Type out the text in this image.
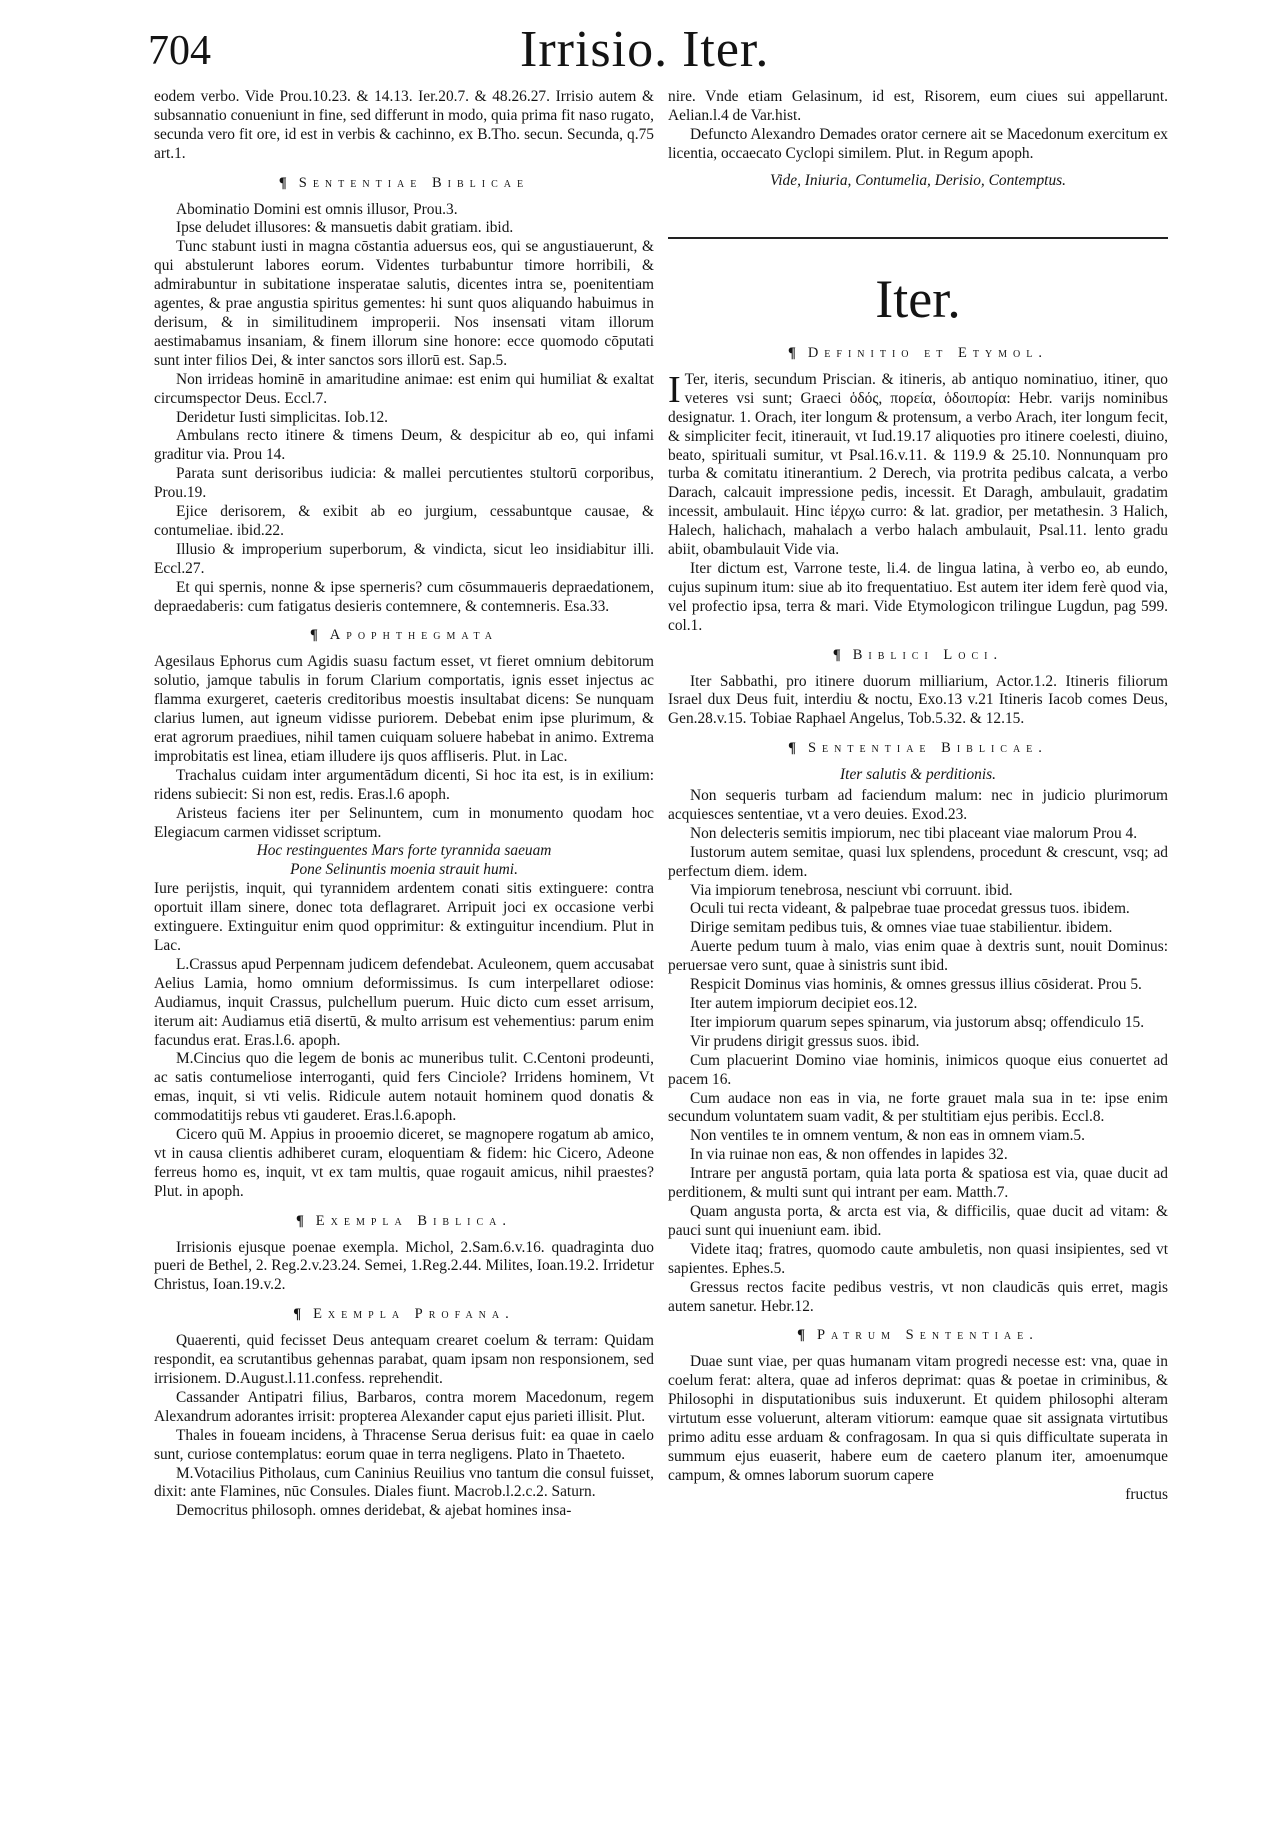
704	Irrisio. Iter.

eodem verbo. Vide Prou.10.23. & 14.13. Ier.20.7. & 48.26.27. Irrisio autem & subsannatio conueniunt in fine, sed differunt in modo, quia prima fit naso rugato, secunda vero fit ore, id est in verbis & cachinno, ex B.Tho. secun. Secunda, q.75 art.1.

¶ Sententiae Biblicae

Abominatio Domini est omnis illusor, Prou.3.

Ipse deludet illusores: & mansuetis dabit gratiam. ibid.

Tunc stabunt iusti in magna cōstantia aduersus eos, qui se angustiauerunt, & qui abstulerunt labores eorum. Videntes turbabuntur timore horribili, & admirabuntur in subitatione insperatae salutis, dicentes intra se, poenitentiam agentes, & prae angustia spiritus gementes: hi sunt quos aliquando habuimus in derisum, & in similitudinem improperii. Nos insensati vitam illorum aestimabamus insaniam, & finem illorum sine honore: ecce quomodo cōputati sunt inter filios Dei, & inter sanctos sors illorū est. Sap.5.

Non irrideas hominē in amaritudine animae: est enim qui humiliat & exaltat circumspector Deus. Eccl.7.

Deridetur Iusti simplicitas. Iob.12.

Ambulans recto itinere & timens Deum, & despicitur ab eo, qui infami graditur via. Prou 14.

Parata sunt derisoribus iudicia: & mallei percutientes stultorū corporibus, Prou.19.

Ejice derisorem, & exibit ab eo jurgium, cessabuntque causae, & contumeliae. ibid.22.

Illusio & improperium superborum, & vindicta, sicut leo insidiabitur illi. Eccl.27.

Et qui spernis, nonne & ipse sperneris? cum cōsummaueris depraedationem, depraedaberis: cum fatigatus desieris contemnere, & contemneris. Esa.33.

¶ Apophthegmata

Agesilaus Ephorus cum Agidis suasu factum esset, vt fieret omnium debitorum solutio, jamque tabulis in forum Clarium comportatis, ignis esset injectus ac flamma exurgeret, caeteris creditoribus moestis insultabat dicens: Se nunquam clarius lumen, aut igneum vidisse puriorem. Debebat enim ipse plurimum, & erat agrorum praediues, nihil tamen cuiquam soluere habebat in animo. Extrema improbitatis est linea, etiam illudere ijs quos affliseris. Plut. in Lac.

Trachalus cuidam inter argumentādum dicenti, Si hoc ita est, is in exilium: ridens subiecit: Si non est, redis. Eras.l.6 apoph.

Aristeus faciens iter per Selinuntem, cum in monumento quodam hoc Elegiacum carmen vidisset scriptum.

Hoc restinguentes Mars forte tyrannida saeuam
Pone Selinuntis moenia strauit humi.

Iure perijstis, inquit, qui tyrannidem ardentem conati sitis extinguere: contra oportuit illam sinere, donec tota deflagraret. Arripuit joci ex occasione verbi extinguere. Extinguitur enim quod opprimitur: & extinguitur incendium. Plut in Lac.

L.Crassus apud Perpennam judicem defendebat. Aculeonem, quem accusabat Aelius Lamia, homo omnium deformissimus. Is cum interpellaret odiose: Audiamus, inquit Crassus, pulchellum puerum. Huic dicto cum esset arrisum, iterum ait: Audiamus etiā disertū, & multo arrisum est vehementius: parum enim facundus erat. Eras.l.6. apoph.

M.Cincius quo die legem de bonis ac muneribus tulit. C.Centoni prodeunti, ac satis contumeliose interroganti, quid fers Cinciole? Irridens hominem, Vt emas, inquit, si vti velis. Ridicule autem notauit hominem quod donatis & commodatitijs rebus vti gauderet. Eras.l.6.apoph.

Cicero quū M. Appius in prooemio diceret, se magnopere rogatum ab amico, vt in causa clientis adhiberet curam, eloquentiam & fidem: hic Cicero, Adeone ferreus homo es, inquit, vt ex tam multis, quae rogauit amicus, nihil praestes? Plut. in apoph.

¶ Exempla Biblica.

Irrisionis ejusque poenae exempla. Michol, 2.Sam.6.v.16. quadraginta duo pueri de Bethel, 2. Reg.2.v.23.24. Semei, 1.Reg.2.44. Milites, Ioan.19.2. Irridetur Christus, Ioan.19.v.2.

¶ Exempla Profana.

Quaerenti, quid fecisset Deus antequam crearet coelum & terram: Quidam respondit, ea scrutantibus gehennas parabat, quam ipsam non responsionem, sed irrisionem. D.August.l.11.confess. reprehendit.

Cassander Antipatri filius, Barbaros, contra morem Macedonum, regem Alexandrum adorantes irrisit: propterea Alexander caput ejus parieti illisit. Plut.

Thales in foueam incidens, à Thracense Serua derisus fuit: ea quae in caelo sunt, curiose contemplatus: eorum quae in terra negligens. Plato in Thaeteto.

M.Votacilius Pitholaus, cum Caninius Reuilius vno tantum die consul fuisset, dixit: ante Flamines, nūc Consules. Diales fiunt. Macrob.l.2.c.2. Saturn.

Democritus philosoph. omnes deridebat, & ajebat homines insa-

nire. Vnde etiam Gelasinum, id est, Risorem, eum ciues sui appellarunt. Aelian.l.4 de Var.hist.

Defuncto Alexandro Demades orator cernere ait se Macedonum exercitum ex licentia, occaecato Cyclopi similem. Plut. in Regum apoph.

Vide, Iniuria, Contumelia, Derisio, Contemptus.

Iter.
¶ Definitio et Etymol.

I Ter, iteris, secundum Priscian. & itineris, ab antiquo nominatiuo, itiner, quo veteres vsi sunt; Graeci ὁδός, πορεία, ὁδοιπορία: Hebr. varijs nominibus designatur. 1. Orach, iter longum & protensum, a verbo Arach, iter longum fecit, & simpliciter fecit, itinerauit, vt Iud.19.17 aliquoties pro itinere coelesti, diuino, beato, spirituali sumitur, vt Psal.16.v.11. & 119.9 & 25.10. Nonnunquam pro turba & comitatu itinerantium. 2 Derech, via protrita pedibus calcata, a verbo Darach, calcauit impressione pedis, incessit. Et Daragh, ambulauit, gradatim incessit, ambulauit. Hinc ἰέρχω curro: & lat. gradior, per metathesin. 3 Halich, Halech, halichach, mahalach a verbo halach ambulauit, Psal.11. lento gradu abiit, obambulauit Vide via.

Iter dictum est, Varrone teste, li.4. de lingua latina, à verbo eo, ab eundo, cujus supinum itum: siue ab ito frequentatiuo. Est autem iter idem ferè quod via, vel profectio ipsa, terra & mari. Vide Etymologicon trilingue Lugdun, pag 599. col.1.

¶ Biblici Loci.

Iter Sabbathi, pro itinere duorum milliarium, Actor.1.2. Itineris filiorum Israel dux Deus fuit, interdiu & noctu, Exo.13 v.21 Itineris Iacob comes Deus, Gen.28.v.15. Tobiae Raphael Angelus, Tob.5.32. & 12.15.

¶ Sententiae Biblicae.
Iter salutis & perditionis.

Non sequeris turbam ad faciendum malum: nec in judicio plurimorum acquiesces sententiae, vt a vero deuies. Exod.23.

Non delecteris semitis impiorum, nec tibi placeant viae malorum Prou 4.

Iustorum autem semitae, quasi lux splendens, procedunt & crescunt, vsq; ad perfectum diem. idem.

Via impiorum tenebrosa, nesciunt vbi corruunt. ibid.

Oculi tui recta videant, & palpebrae tuae procedat gressus tuos. ibidem.

Dirige semitam pedibus tuis, & omnes viae tuae stabilientur. ibidem.

Auerte pedum tuum à malo, vias enim quae à dextris sunt, nouit Dominus: peruersae vero sunt, quae à sinistris sunt ibid.

Respicit Dominus vias hominis, & omnes gressus illius cōsiderat. Prou 5.

Iter autem impiorum decipiet eos.12.

Iter impiorum quarum sepes spinarum, via justorum absq; offendiculo 15.

Vir prudens dirigit gressus suos. ibid.

Cum placuerint Domino viae hominis, inimicos quoque eius conuertet ad pacem 16.

Cum audace non eas in via, ne forte grauet mala sua in te: ipse enim secundum voluntatem suam vadit, & per stultitiam ejus peribis. Eccl.8.

Non ventiles te in omnem ventum, & non eas in omnem viam.5.

In via ruinae non eas, & non offendes in lapides 32.

Intrare per angustā portam, quia lata porta & spatiosa est via, quae ducit ad perditionem, & multi sunt qui intrant per eam. Matth.7.

Quam angusta porta, & arcta est via, & difficilis, quae ducit ad vitam: & pauci sunt qui inueniunt eam. ibid.

Videte itaq; fratres, quomodo caute ambuletis, non quasi insipientes, sed vt sapientes. Ephes.5.

Gressus rectos facite pedibus vestris, vt non claudicās quis erret, magis autem sanetur. Hebr.12.

¶ Patrum Sententiae.

Duae sunt viae, per quas humanam vitam progredi necesse est: vna, quae in coelum ferat: altera, quae ad inferos deprimat: quas & poetae in criminibus, & Philosophi in disputationibus suis induxerunt. Et quidem philosophi alteram virtutum esse voluerunt, alteram vitiorum: eamque quae sit assignata virtutibus primo aditu esse arduam & confragosam. In qua si quis difficultate superata in summum ejus euaserit, habere eum de caetero planum iter, amoenumque campum, & omnes laborum suorum capere

fructus
